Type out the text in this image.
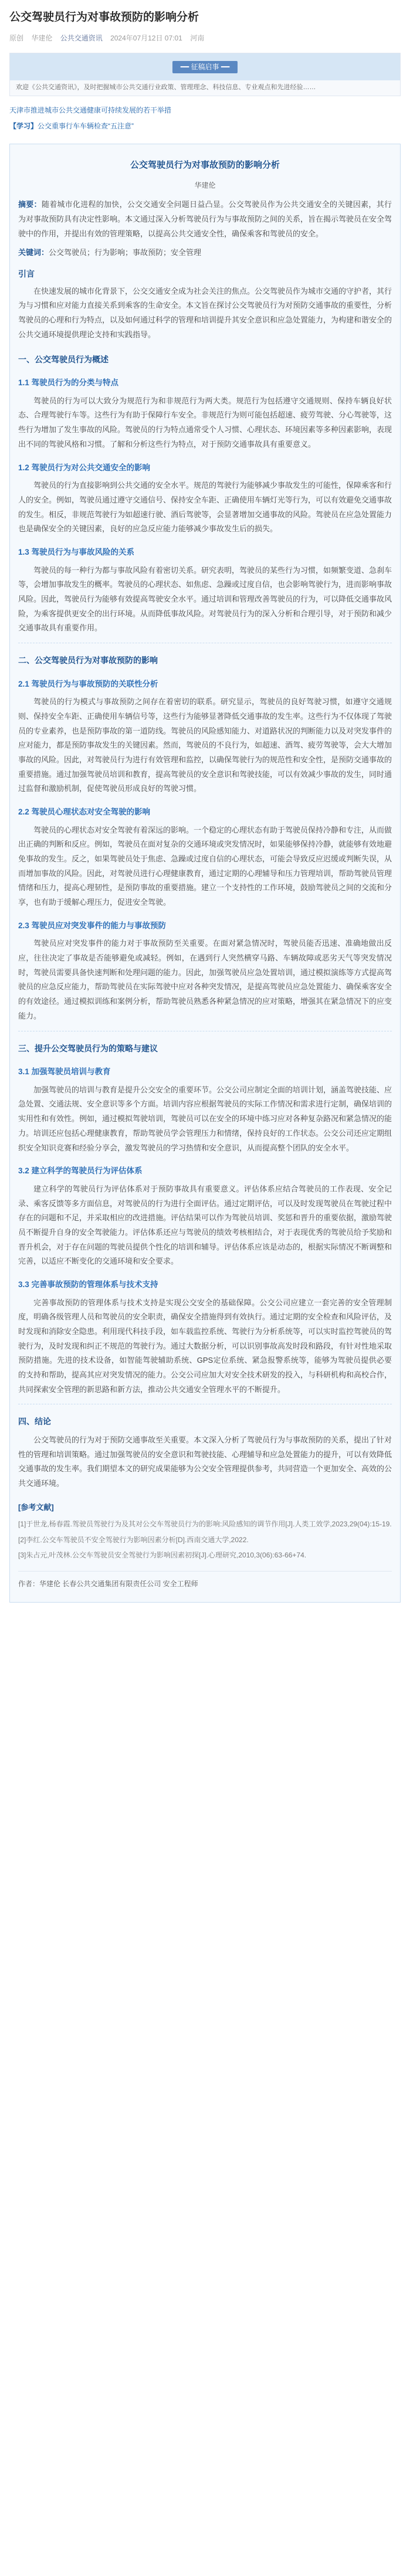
公交驾驶员行为对事故预防的影响分析
原创 华建伦 公共交通资讯 2024年07月12日 07:01 河南
━━ 征稿启事 ━━
欢迎《公共交通资讯》，及时把握城市公共交通行业政策、管理理念、科技信息、专业观点和先进经验……
天津市推进城市公共交通健康可持续发展的若干举措
【学习】公交重事行车车辆检查“五注意”
公交驾驶员行为对事故预防的影响分析
华建伦
摘要：随着城市化进程的加快，公交交通安全问题日益凸显。公交驾驶员作为公共交通安全的关键因素，其行为对事故预防具有决定性影响。本文通过深入分析驾驶员行为与事故预防之间的关系，旨在揭示驾驶员在安全驾驶中的作用，并提出有效的管理策略，以提高公共交通安全性，确保乘客和驾驶员的安全。
关键词：公交驾驶员；行为影响；事故预防；安全管理
引言
在快速发展的城市化背景下，公交交通安全成为社会关注的焦点。公交驾驶员作为城市交通的守护者，其行为与习惯和应对能力直接关系到乘客的生命安全。本文旨在探讨公交驾驶员行为对预防交通事故的重要性，分析驾驶员的心理和行为特点，以及如何通过科学的管理和培训提升其安全意识和应急处置能力，为构建和谐安全的公共交通环境提供理论支持和实践指导。
一、公交驾驶员行为概述
1.1 驾驶员行为的分类与特点
驾驶员的行为可以大致分为规范行为和非规范行为两大类。规范行为包括遵守交通规则、保持车辆良好状态、合理驾驶行车等。这些行为有助于保障行车安全。非规范行为则可能包括超速、疲劳驾驶、分心驾驶等，这些行为增加了发生事故的风险。驾驶员的行为特点通常受个人习惯、心理状态、环境因素等多种因素影响，表现出不同的驾驶风格和习惯。了解和分析这些行为特点，对于预防交通事故具有重要意义。
1.2 驾驶员行为对公共交通安全的影响
驾驶员的行为直接影响到公共交通的安全水平。规范的驾驶行为能够减少事故发生的可能性，保障乘客和行人的安全。例如，驾驶员通过遵守交通信号、保持安全车距、正确使用车辆灯光等行为，可以有效避免交通事故的发生。相反，非规范驾驶行为如超速行驶、酒后驾驶等，会显著增加交通事故的风险。驾驶员在应急处置能力也是确保安全的关键因素，良好的应急反应能力能够减少事故发生后的损失。
1.3 驾驶员行为与事故风险的关系
驾驶员的每一种行为都与事故风险有着密切关系。研究表明，驾驶员的某些行为习惯，如频繁变道、急刹车等，会增加事故发生的概率。驾驶员的心理状态、如焦虑、急躁或过度自信，也会影响驾驶行为，进而影响事故风险。因此，驾驶员行为能够有效提高驾驶安全水平。通过培训和管理改善驾驶员的行为，可以降低交通事故风险，为乘客提供更安全的出行环境。从而降低事故风险。对驾驶员行为的深入分析和合理引导，对于预防和减少交通事故具有重要作用。
二、公交驾驶员行为对事故预防的影响
2.1 驾驶员行为与事故预防的关联性分析
驾驶员的行为模式与事故预防之间存在着密切的联系。研究显示，驾驶员的良好驾驶习惯，如遵守交通规则、保持安全车距、正确使用车辆信号等，这些行为能够显著降低交通事故的发生率。这些行为不仅体现了驾驶员的专业素养，也是预防事故的第一道防线。驾驶员的风险感知能力、对道路状况的判断能力以及对突发事件的应对能力，都是预防事故发生的关键因素。然而，驾驶员的不良行为，如超速、酒驾、疲劳驾驶等，会大大增加事故的风险。因此，对驾驶员行为进行有效管理和监控，以确保驾驶行为的规范性和安全性，是预防交通事故的重要措施。通过加强驾驶员培训和教育，提高驾驶员的安全意识和驾驶技能，可以有效减少事故的发生，同时通过监督和激励机制，促使驾驶员形成良好的驾驶习惯。
2.2 驾驶员心理状态对安全驾驶的影响
驾驶员的心理状态对安全驾驶有着深远的影响。一个稳定的心理状态有助于驾驶员保持冷静和专注，从而做出正确的判断和反应。例如，驾驶员在面对复杂的交通环境或突发情况时，如果能够保持冷静，就能够有效地避免事故的发生。反之，如果驾驶员处于焦虑、急躁或过度自信的心理状态，可能会导致反应迟缓或判断失误，从而增加事故的风险。因此，对驾驶员进行心理健康教育，通过定期的心理辅导和压力管理培训，帮助驾驶员管理情绪和压力，提高心理韧性，是预防事故的重要措施。建立一个支持性的工作环境，鼓励驾驶员之间的交流和分享，也有助于缓解心理压力，促进安全驾驶。
2.3 驾驶员应对突发事件的能力与事故预防
驾驶员应对突发事件的能力对于事故预防至关重要。在面对紧急情况时，驾驶员能否迅速、准确地做出反应，往往决定了事故是否能够避免或减轻。例如，在遇到行人突然横穿马路、车辆故障或恶劣天气等突发情况时，驾驶员需要具备快速判断和处理问题的能力。因此，加强驾驶员应急处置培训，通过模拟演练等方式提高驾驶员的应急反应能力，帮助驾驶员在实际驾驶中应对各种突发情况，是提高驾驶员应急处置能力、确保乘客安全的有效途径。通过模拟训练和案例分析，帮助驾驶员熟悉各种紧急情况的应对策略，增强其在紧急情况下的应变能力。
三、提升公交驾驶员行为的策略与建议
3.1 加强驾驶员培训与教育
加强驾驶员的培训与教育是提升公交安全的重要环节。公交公司应制定全面的培训计划，涵盖驾驶技能、应急处置、交通法规、安全意识等多个方面。培训内容应根据驾驶员的实际工作情况和需求进行定制，确保培训的实用性和有效性。例如，通过模拟驾驶培训，驾驶员可以在安全的环境中练习应对各种复杂路况和紧急情况的能力。培训还应包括心理健康教育，帮助驾驶员学会管理压力和情绪，保持良好的工作状态。公交公司还应定期组织安全知识竞赛和经验分享会，激发驾驶员的学习热情和安全意识，从而提高整个团队的安全水平。
3.2 建立科学的驾驶员行为评估体系
建立科学的驾驶员行为评估体系对于预防事故具有重要意义。评估体系应结合驾驶员的工作表现、安全记录、乘客反馈等多方面信息，对驾驶员的行为进行全面评估。通过定期评估，可以及时发现驾驶员在驾驶过程中存在的问题和不足，并采取相应的改进措施。评估结果可以作为驾驶员培训、奖惩和晋升的重要依据，激励驾驶员不断提升自身的安全驾驶能力。评估体系还应与驾驶员的绩效考核相结合，对于表现优秀的驾驶员给予奖励和晋升机会，对于存在问题的驾驶员提供个性化的培训和辅导。评估体系应该是动态的，根据实际情况不断调整和完善，以适应不断变化的交通环境和安全要求。
3.3 完善事故预防的管理体系与技术支持
完善事故预防的管理体系与技术支持是实现公交安全的基础保障。公交公司应建立一套完善的安全管理制度，明确各级管理人员和驾驶员的安全职责，确保安全措施得到有效执行。通过定期的安全检查和风险评估，及时发现和消除安全隐患。利用现代科技手段，如车载监控系统、驾驶行为分析系统等，可以实时监控驾驶员的驾驶行为，及时发现和纠正不规范的驾驶行为。通过大数据分析，可以识别事故高发时段和路段，有针对性地采取预防措施。先进的技术设备，如智能驾驶辅助系统、GPS定位系统、紧急报警系统等，能够为驾驶员提供必要的支持和帮助，提高其应对突发情况的能力。公交公司应加大对安全技术研发的投入，与科研机构和高校合作，共同探索安全管理的新思路和新方法，推动公共交通安全管理水平的不断提升。
四、结论
公交驾驶员的行为对于预防交通事故至关重要。本文深入分析了驾驶员行为与事故预防的关系，提出了针对性的管理和培训策略。通过加强驾驶员的安全意识和驾驶技能、心理辅导和应急处置能力的提升，可以有效降低交通事故的发生率。我们期望本文的研究成果能够为公交安全管理提供参考，共同营造一个更加安全、高效的公共交通环境。
[参考文献]
[1]于世龙,杨春霞.驾驶员驾驶行为及其对公交车驾驶员行为的影响:风险感知的调节作用[J].人类工效学,2023,29(04):15-19.
[2]李红.公交车驾驶员不安全驾驶行为影响因素分析[D].西南交通大学,2022.
[3]朱占元,叶茂林.公交车驾驶员安全驾驶行为影响因素初探[J].心理研究,2010,3(06):63-66+74.
作者：华建伦 长春公共交通集团有限责任公司 安全工程师
